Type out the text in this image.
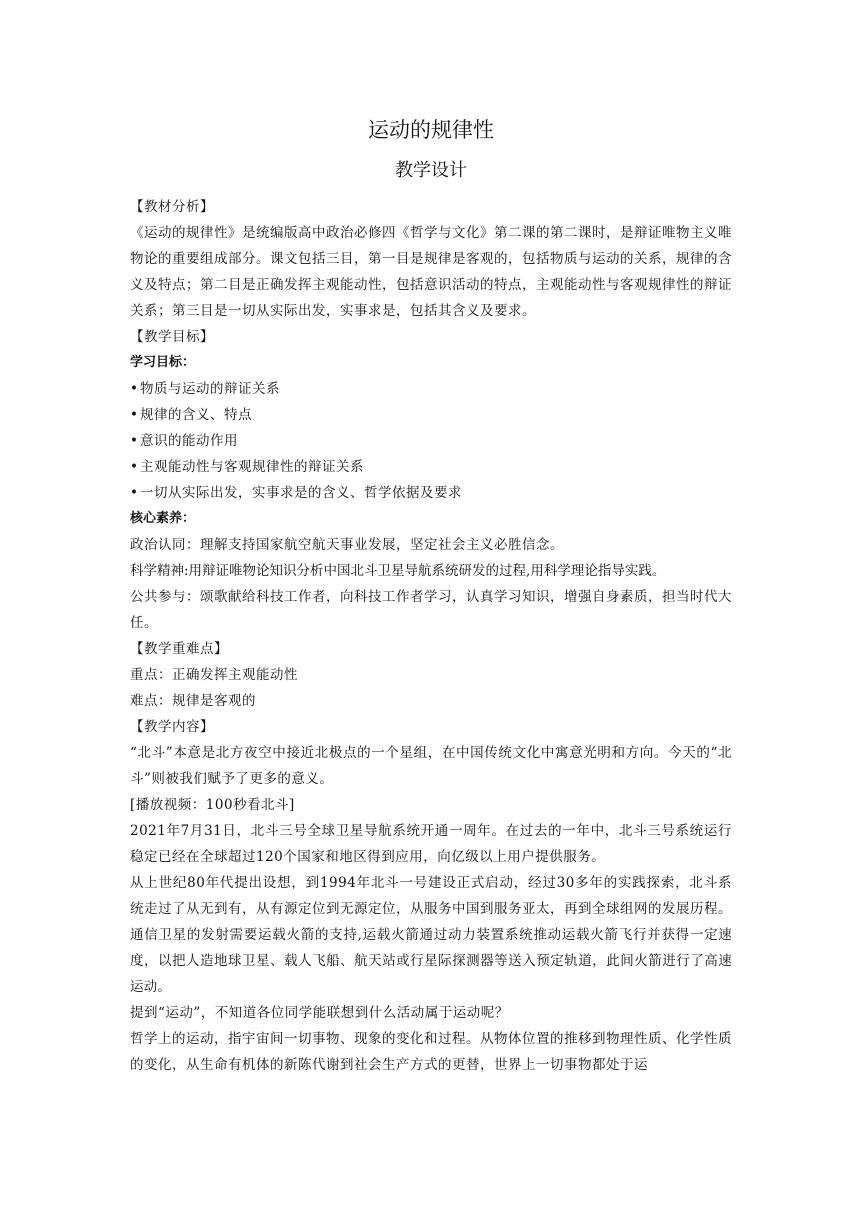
运动的规律性
教学设计

【教材分析】

《运动的规律性》是统编版高中政治必修四《哲学与文化》第二课的第二课时，是辩证唯物主义唯物论的重要组成部分。课文包括三目，第一目是规律是客观的，包括物质与运动的关系，规律的含义及特点；第二目是正确发挥主观能动性，包括意识活动的特点，主观能动性与客观规律性的辩证关系；第三目是一切从实际出发，实事求是，包括其含义及要求。

【教学目标】

学习目标：

• 物质与运动的辩证关系
• 规律的含义、特点
• 意识的能动作用
• 主观能动性与客观规律性的辩证关系
• 一切从实际出发，实事求是的含义、哲学依据及要求

核心素养：

政治认同：理解支持国家航空航天事业发展，坚定社会主义必胜信念。

科学精神:用辩证唯物论知识分析中国北斗卫星导航系统研发的过程,用科学理论指导实践。

公共参与：颂歌献给科技工作者，向科技工作者学习，认真学习知识，增强自身素质，担当时代大任。

【教学重难点】

重点：正确发挥主观能动性

难点：规律是客观的

【教学内容】

“北斗”本意是北方夜空中接近北极点的一个星组，在中国传统文化中寓意光明和方向。今天的“北斗”则被我们赋予了更多的意义。

[播放视频：100秒看北斗]

2021年7月31日，北斗三号全球卫星导航系统开通一周年。在过去的一年中，北斗三号系统运行稳定已经在全球超过120个国家和地区得到应用，向亿级以上用户提供服务。

从上世纪80年代提出设想，到1994年北斗一号建设正式启动，经过30多年的实践探索，北斗系统走过了从无到有，从有源定位到无源定位，从服务中国到服务亚太，再到全球组网的发展历程。

通信卫星的发射需要运载火箭的支持,运载火箭通过动力装置系统推动运载火箭飞行并获得一定速度，以把人造地球卫星、载人飞船、航天站或行星际探测器等送入预定轨道，此间火箭进行了高速运动。

提到“运动”，不知道各位同学能联想到什么活动属于运动呢？

哲学上的运动，指宇宙间一切事物、现象的变化和过程。从物体位置的推移到物理性质、化学性质的变化，从生命有机体的新陈代谢到社会生产方式的更替，世界上一切事物都处于运
